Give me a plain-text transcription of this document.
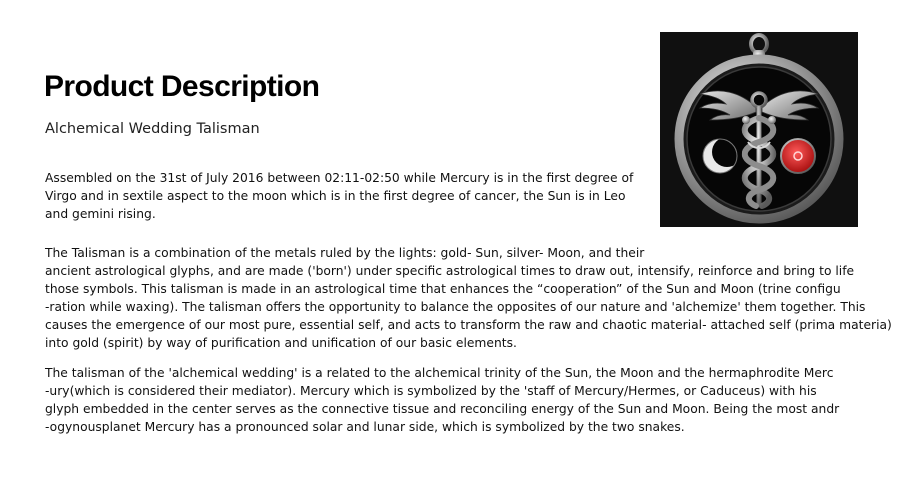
Product Description
Alchemical Wedding Talisman
Assembled on the 31st of July 2016 between 02:11-02:50 while Mercury is in the first degree of
Virgo and in sextile aspect to the moon which is in the first degree of cancer, the Sun is in Leo
and gemini rising.
The Talisman is a combination of the metals ruled by the lights: gold- Sun, silver- Moon, and their
ancient astrological glyphs, and are made ('born') under specific astrological times to draw out, intensify, reinforce and bring to life
those symbols. This talisman is made in an astrological time that enhances the “cooperation” of the Sun and Moon (trine configu
-ration while waxing). The talisman offers the opportunity to balance the opposites of our nature and 'alchemize' them together. This
causes the emergence of our most pure, essential self, and acts to transform the raw and chaotic material- attached self (prima materia)
into gold (spirit) by way of purification and unification of our basic elements.
The talisman of the 'alchemical wedding' is a related to the alchemical trinity of the Sun, the Moon and the hermaphrodite Merc
-ury(which is considered their mediator). Mercury which is symbolized by the 'staff of Mercury/Hermes, or Caduceus) with his
glyph embedded in the center serves as the connective tissue and reconciling energy of the Sun and Moon. Being the most andr
-ogynousplanet Mercury has a pronounced solar and lunar side, which is symbolized by the two snakes.
